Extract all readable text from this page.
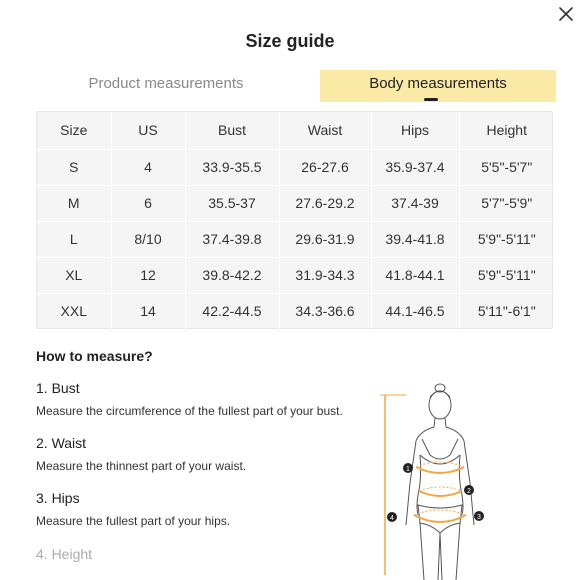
Size guide
Product measurements	Body measurements
Size	US	Bust	Waist	Hips	Height
S	4	33.9-35.5	26-27.6	35.9-37.4	5'5"-5'7"
M	6	35.5-37	27.6-29.2	37.4-39	5'7"-5'9"
L	8/10	37.4-39.8	29.6-31.9	39.4-41.8	5'9"-5'11"
XL	12	39.8-42.2	31.9-34.3	41.8-44.1	5'9"-5'11"
XXL	14	42.2-44.5	34.3-36.6	44.1-46.5	5'11"-6'1"
How to measure?
1. Bust
Measure the circumference of the fullest part of your bust.
2. Waist
Measure the thinnest part of your waist.
3. Hips
Measure the fullest part of your hips.
4. Height
1
2
3
4
